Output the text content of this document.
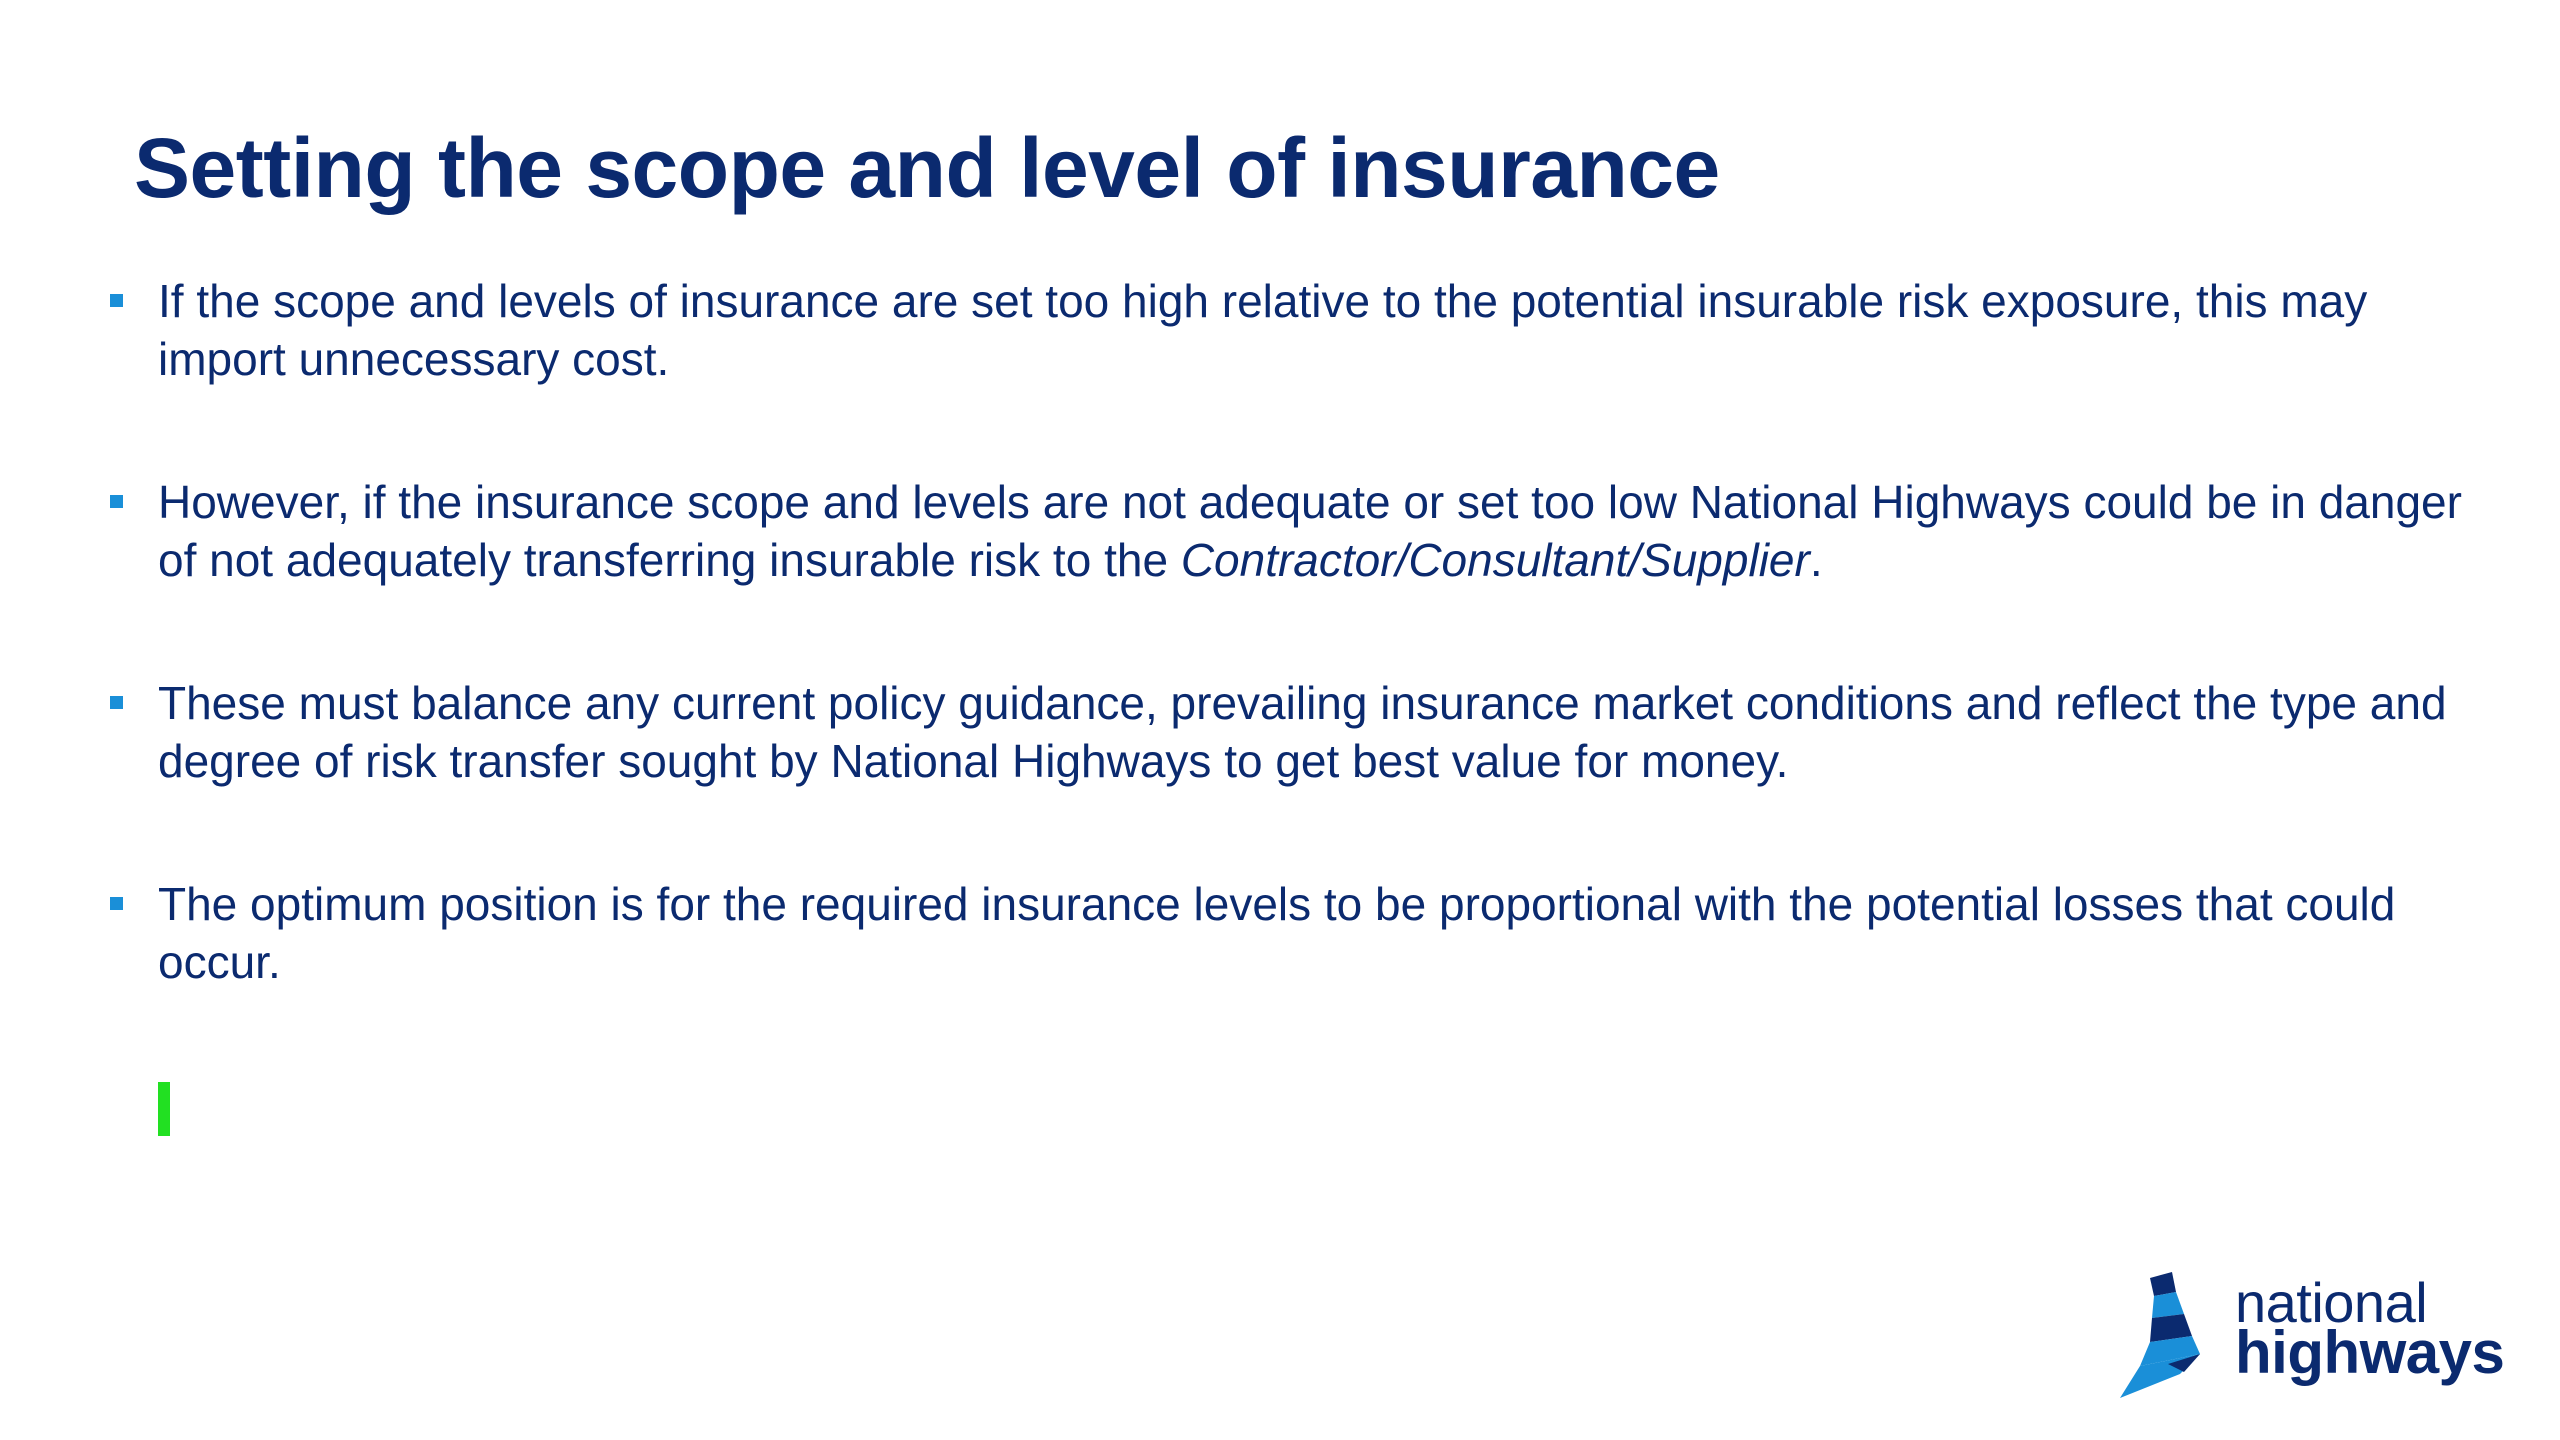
Setting the scope and level of insurance
If the scope and levels of insurance are set too high relative to the potential insurable risk exposure, this may import unnecessary cost.
However, if the insurance scope and levels are not adequate or set too low National Highways could be in danger of not adequately transferring insurable risk to the Contractor/Consultant/Supplier.
These must balance any current policy guidance, prevailing insurance market conditions and reflect the type and degree of risk transfer sought by National Highways to get best value for money.
The optimum position is for the required insurance levels to be proportional with the potential losses that could occur.
national
highways
